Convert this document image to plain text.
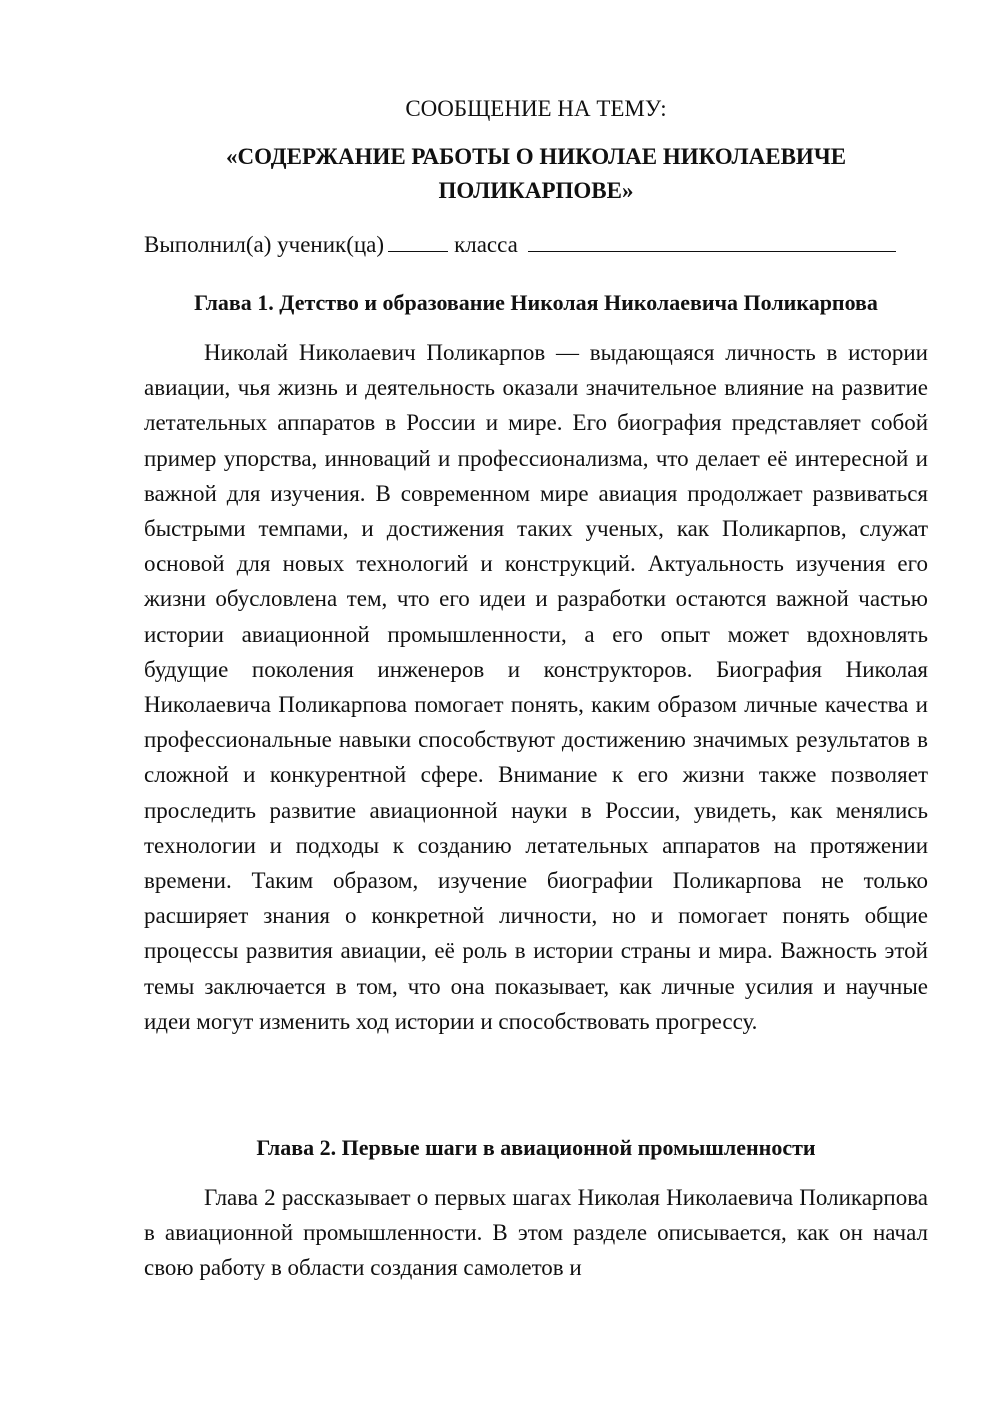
СООБЩЕНИЕ НА ТЕМУ:
«СОДЕРЖАНИЕ РАБОТЫ О НИКОЛАЕ НИКОЛАЕВИЧЕ ПОЛИКАРПОВЕ»
Выполнил(а) ученик(ца)	класса
Глава 1. Детство и образование Николая Николаевича Поликарпова

Николай Николаевич Поликарпов — выдающаяся личность в истории авиации, чья жизнь и деятельность оказали значительное влияние на развитие летательных аппаратов в России и мире. Его биография представляет собой пример упорства, инноваций и профессионализма, что делает её интересной и важной для изучения. В современном мире авиация продолжает развиваться быстрыми темпами, и достижения таких ученых, как Поликарпов, служат основой для новых технологий и конструкций. Актуальность изучения его жизни обусловлена тем, что его идеи и разработки остаются важной частью истории авиационной промышленности, а его опыт может вдохновлять будущие поколения инженеров и конструкторов. Биография Николая Николаевича Поликарпова помогает понять, каким образом личные качества и профессиональные навыки способствуют достижению значимых результатов в сложной и конкурентной сфере. Внимание к его жизни также позволяет проследить развитие авиационной науки в России, увидеть, как менялись технологии и подходы к созданию летательных аппаратов на протяжении времени. Таким образом, изучение биографии Поликарпова не только расширяет знания о конкретной личности, но и помогает понять общие процессы развития авиации, её роль в истории страны и мира. Важность этой темы заключается в том, что она показывает, как личные усилия и научные идеи могут изменить ход истории и способствовать прогрессу.

Глава 2. Первые шаги в авиационной промышленности

Глава 2 рассказывает о первых шагах Николая Николаевича Поликарпова в авиационной промышленности. В этом разделе описывается, как он начал свою работу в области создания самолетов и
